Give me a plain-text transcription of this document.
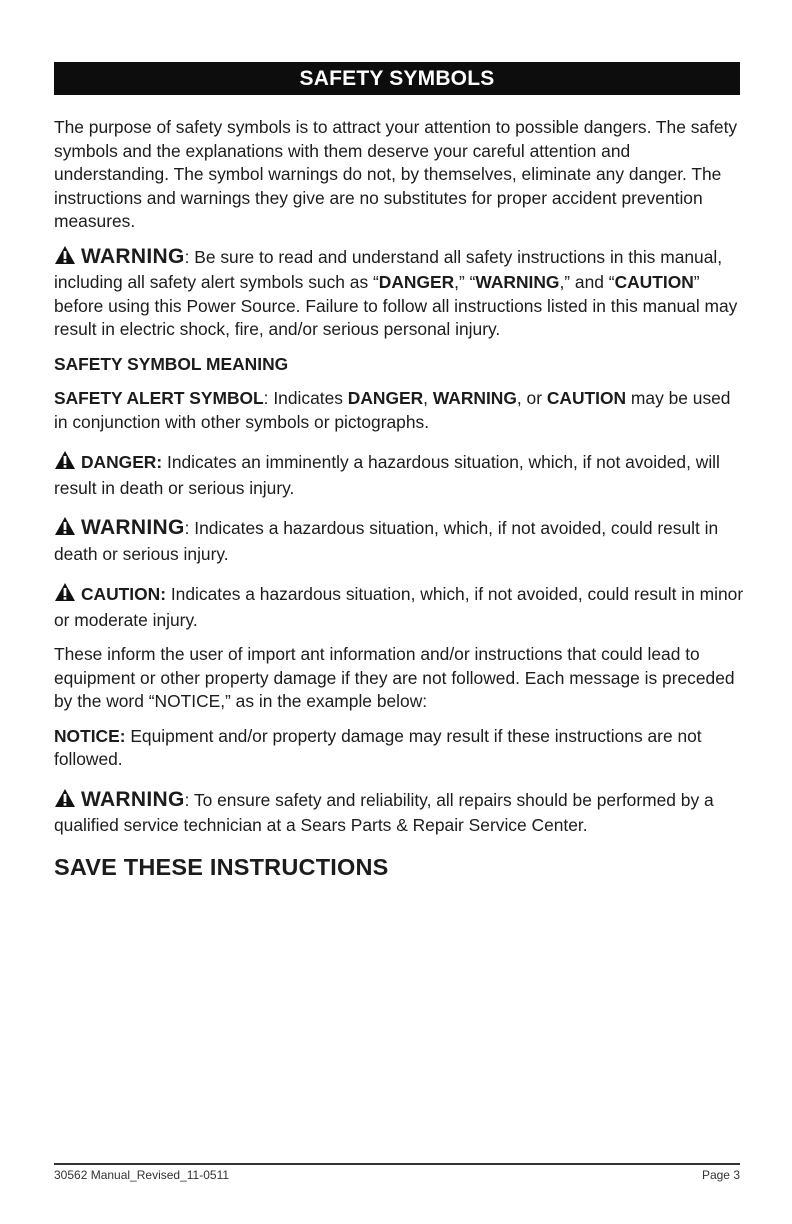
SAFETY SYMBOLS

The purpose of safety symbols is to attract your attention to possible dangers. The safety symbols and the explanations with them deserve your careful attention and understanding. The symbol warnings do not, by themselves, eliminate any danger. The instructions and warnings they give are no substitutes for proper accident prevention measures.

WARNING: Be sure to read and understand all safety instructions in this manual, including all safety alert symbols such as “DANGER,” “WARNING,” and “CAUTION” before using this Power Source. Failure to follow all instructions listed in this manual may result in electric shock, fire, and/or serious personal injury.

SAFETY SYMBOL MEANING

SAFETY ALERT SYMBOL: Indicates DANGER, WARNING, or CAUTION may be used in conjunction with other symbols or pictographs.

DANGER: Indicates an imminently a hazardous situation, which, if not avoided, will result in death or serious injury.

WARNING: Indicates a hazardous situation, which, if not avoided, could result in death or serious injury.

CAUTION: Indicates a hazardous situation, which, if not avoided, could result in minor or moderate injury.

These inform the user of import ant information and/or instructions that could lead to equipment or other property damage if they are not followed. Each message is preceded by the word “NOTICE,” as in the example below:

NOTICE: Equipment and/or property damage may result if these instructions are not followed.

WARNING: To ensure safety and reliability, all repairs should be performed by a qualified service technician at a Sears Parts & Repair Service Center.

SAVE THESE INSTRUCTIONS
30562 Manual_Revised_11-0511	Page 3
